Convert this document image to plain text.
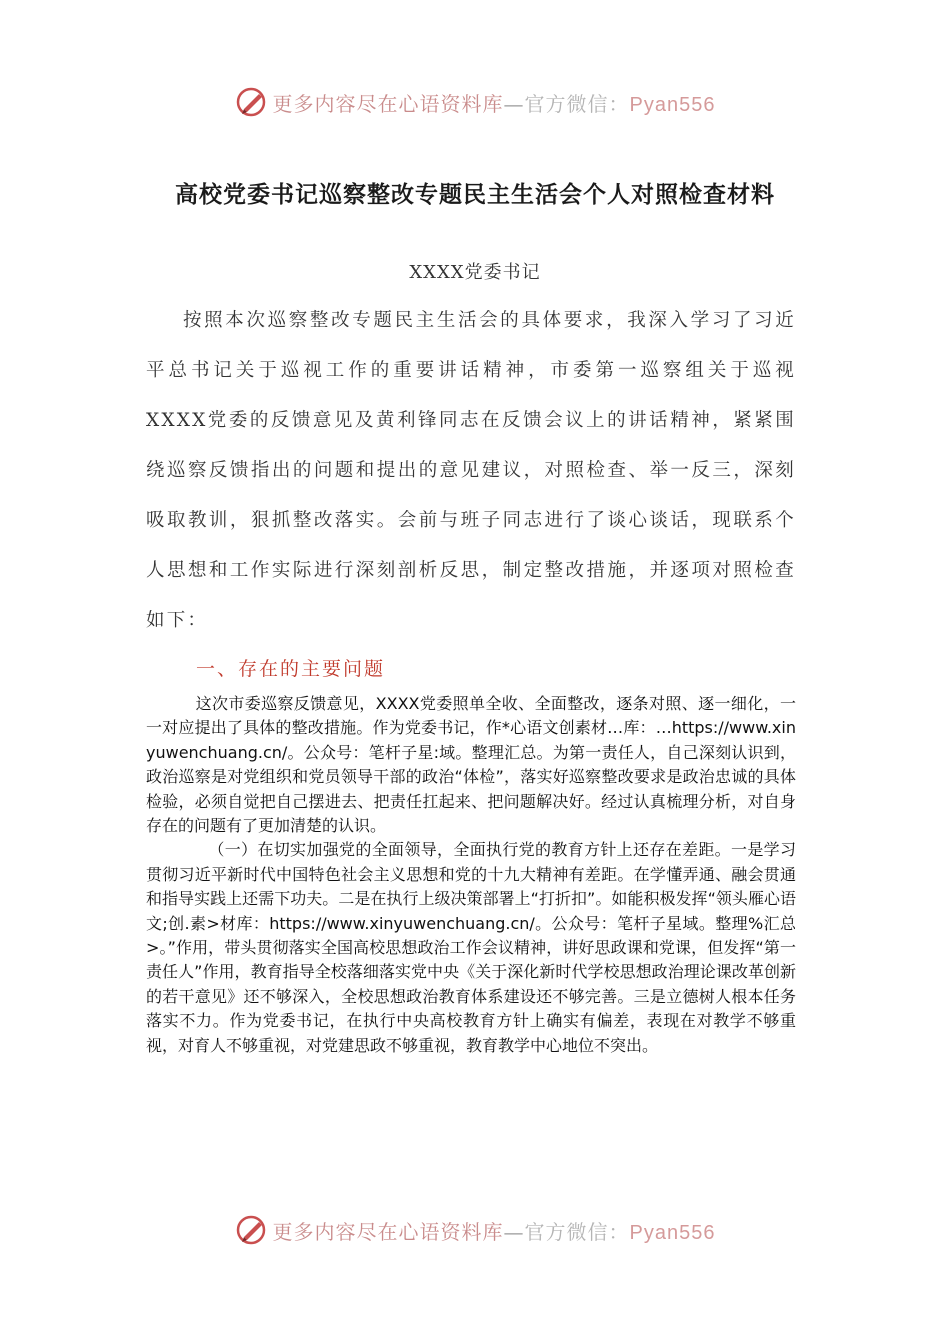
更多内容尽在心语资料库—官方微信：Pyan556
高校党委书记巡察整改专题民主生活会个人对照检查材料
XXXX党委书记

按照本次巡察整改专题民主生活会的具体要求，我深入学习了习近平总书记关于巡视工作的重要讲话精神，市委第一巡察组关于巡视XXXX党委的反馈意见及黄利锋同志在反馈会议上的讲话精神，紧紧围绕巡察反馈指出的问题和提出的意见建议，对照检查、举一反三，深刻吸取教训，狠抓整改落实。会前与班子同志进行了谈心谈话，现联系个人思想和工作实际进行深刻剖析反思，制定整改措施，并逐项对照检查如下：

一、存在的主要问题

这次市委巡察反馈意见，XXXX党委照单全收、全面整改，逐条对照、逐一细化，一一对应提出了具体的整改措施。作为党委书记，作*心语文创素材…库：…https://www.xinyuwenchuang.cn/。公众号：笔杆子星:域。整理汇总。为第一责任人，自己深刻认识到，政治巡察是对党组织和党员领导干部的政治“体检”，落实好巡察整改要求是政治忠诚的具体检验，必须自觉把自己摆进去、把责任扛起来、把问题解决好。经过认真梳理分析，对自身存在的问题有了更加清楚的认识。

（一）在切实加强党的全面领导，全面执行党的教育方针上还存在差距。一是学习贯彻习近平新时代中国特色社会主义思想和党的十九大精神有差距。在学懂弄通、融会贯通和指导实践上还需下功夫。二是在执行上级决策部署上“打折扣”。如能积极发挥“领头雁心语文;创.素>材库：https://www.xinyuwenchuang.cn/。公众号：笔杆子星域。整理%汇总>。”作用，带头贯彻落实全国高校思想政治工作会议精神，讲好思政课和党课，但发挥“第一责任人”作用，教育指导全校落细落实党中央《关于深化新时代学校思想政治理论课改革创新的若干意见》还不够深入，全校思想政治教育体系建设还不够完善。三是立德树人根本任务落实不力。作为党委书记，在执行中央高校教育方针上确实有偏差，表现在对教学不够重视，对育人不够重视，对党建思政不够重视，教育教学中心地位不突出。

更多内容尽在心语资料库—官方微信：Pyan556
